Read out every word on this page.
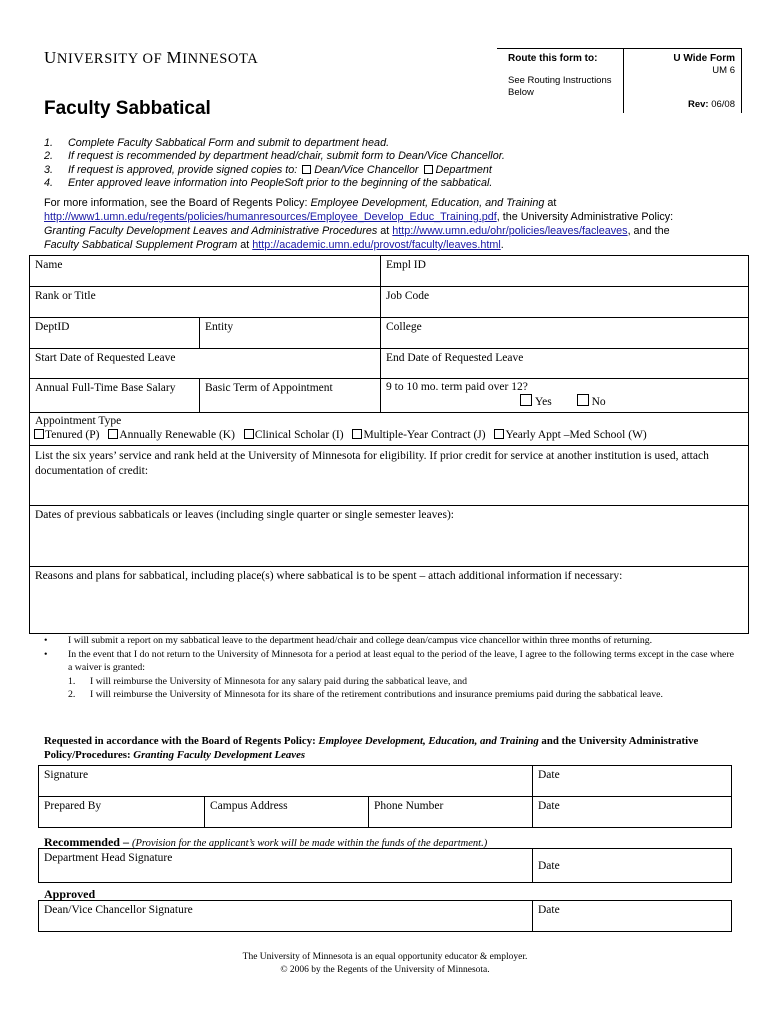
UNIVERSITY OF MINNESOTA
Faculty Sabbatical
Route this form to:
See Routing Instructions Below
U Wide Form
UM 6
Rev: 06/08
1. Complete Faculty Sabbatical Form and submit to department head.
2. If request is recommended by department head/chair, submit form to Dean/Vice Chancellor.
3. If request is approved, provide signed copies to: Dean/Vice Chancellor Department
4. Enter approved leave information into PeopleSoft prior to the beginning of the sabbatical.
For more information, see the Board of Regents Policy: Employee Development, Education, and Training at
http://www1.umn.edu/regents/policies/humanresources/Employee_Develop_Educ_Training.pdf, the University Administrative Policy:
Granting Faculty Development Leaves and Administrative Procedures at http://www.umn.edu/ohr/policies/leaves/facleaves, and the
Faculty Sabbatical Supplement Program at http://academic.umn.edu/provost/faculty/leaves.html.
Name		Empl ID
Rank or Title		Job Code
DeptID	Entity	College
Start Date of Requested Leave		End Date of Requested Leave
Annual Full-Time Base Salary	Basic Term of Appointment	9 to 10 mo. term paid over 12?
Yes No

Appointment Type
Tenured (P) Annually Renewable (K) Clinical Scholar (I) Multiple-Year Contract (J) Yearly Appt –Med School (W)		

List the six years’ service and rank held at the University of Minnesota for eligibility. If prior credit for service at another institution is used, attach documentation of credit:		
Dates of previous sabbaticals or leaves (including single quarter or single semester leaves):		
Reasons and plans for sabbatical, including place(s) where sabbatical is to be spent – attach additional information if necessary:		
• I will submit a report on my sabbatical leave to the department head/chair and college dean/campus vice chancellor within three months of returning.
• In the event that I do not return to the University of Minnesota for a period at least equal to the period of the leave, I agree to the following terms except in the case where a waiver is granted:
1. I will reimburse the University of Minnesota for any salary paid during the sabbatical leave, and
2. I will reimburse the University of Minnesota for its share of the retirement contributions and insurance premiums paid during the sabbatical leave.
Requested in accordance with the Board of Regents Policy: Employee Development, Education, and Training and the University Administrative Policy/Procedures: Granting Faculty Development Leaves
Signature			Date
Prepared By	Campus Address	Phone Number	Date
Recommended – (Provision for the applicant’s work will be made within the funds of the department.)
Department Head Signature	Date
Approved
Dean/Vice Chancellor Signature	Date
The University of Minnesota is an equal opportunity educator & employer.
© 2006 by the Regents of the University of Minnesota.
